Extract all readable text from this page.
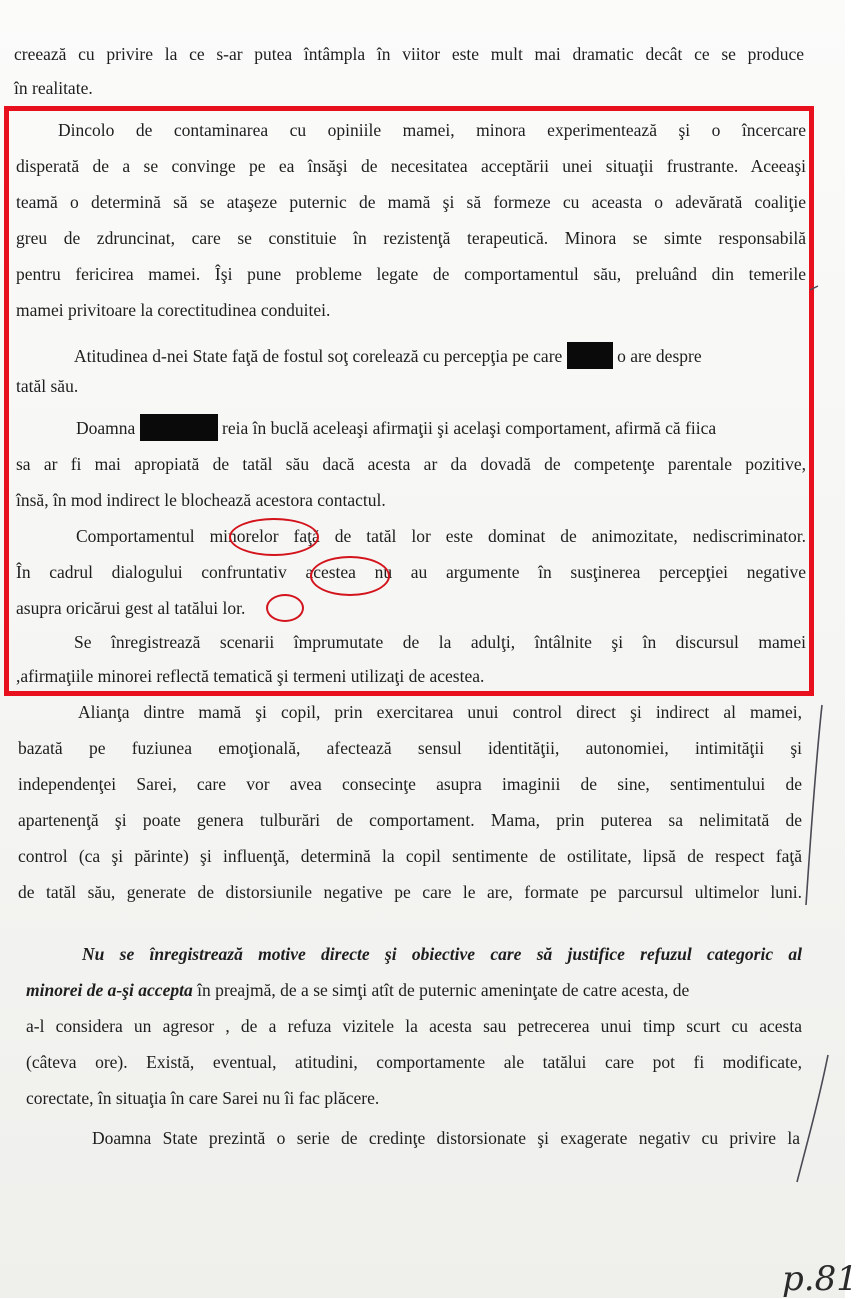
creează cu privire la ce s-ar putea întâmpla în viitor este mult mai dramatic decât ce se produce
în realitate.
Dincolo de contaminarea cu opiniile mamei, minora experimentează şi o încercare
disperată de a se convinge pe ea însăşi de necesitatea acceptării unei situaţii frustrante. Aceeaşi
teamă o determină să se ataşeze puternic de mamă şi să formeze cu aceasta o adevărată coaliţie
greu de zdruncinat, care se constituie în rezistenţă terapeutică. Minora se simte responsabilă
pentru fericirea mamei. Îşi pune probleme legate de comportamentul său, preluând din temerile
mamei privitoare la corectitudinea conduitei.
Atitudinea d-nei State faţă de fostul soţ corelează cu percepţia pe care	o are despre
tatăl său.
Doamna	reia în buclă aceleaşi afirmaţii şi acelaşi comportament, afirmă că fiica
sa ar fi mai apropiată de tatăl său dacă acesta ar da dovadă de competenţe parentale pozitive,
însă, în mod indirect le blochează acestora contactul.
Comportamentul minorelor faţă de tatăl lor este dominat de animozitate, nediscriminator.
În cadrul dialogului confruntativ acestea nu au argumente în susţinerea percepţiei negative
asupra oricărui gest al tatălui lor.
Se înregistrează scenarii împrumutate de la adulţi, întâlnite şi în discursul mamei
,afirmaţiile minorei reflectă tematică şi termeni utilizaţi de acestea.
Alianţa dintre mamă şi copil, prin exercitarea unui control direct şi indirect al mamei,
bazată pe fuziunea emoţională, afectează sensul identităţii, autonomiei, intimităţii şi
independenţei Sarei, care vor avea consecinţe asupra imaginii de sine, sentimentului de
apartenenţă şi poate genera tulburări de comportament. Mama, prin puterea sa nelimitată de
control (ca şi părinte) şi influenţă, determină la copil sentimente de ostilitate, lipsă de respect faţă
de tatăl său, generate de distorsiunile negative pe care le are, formate pe parcursul ultimelor luni.
Nu se înregistrează motive directe şi obiective care să justifice refuzul categoric al
minorei de a-şi accepta în preajmă, de a se simţi atît de puternic ameninţate de catre acesta, de
a-l considera un agresor , de a refuza vizitele la acesta sau petrecerea unui timp scurt cu acesta
(câteva ore). Există, eventual, atitudini, comportamente ale tatălui care pot fi modificate,
corectate, în situaţia în care Sarei nu îi fac plăcere.
Doamna State prezintă o serie de credinţe distorsionate şi exagerate negativ cu privire la
p.81
